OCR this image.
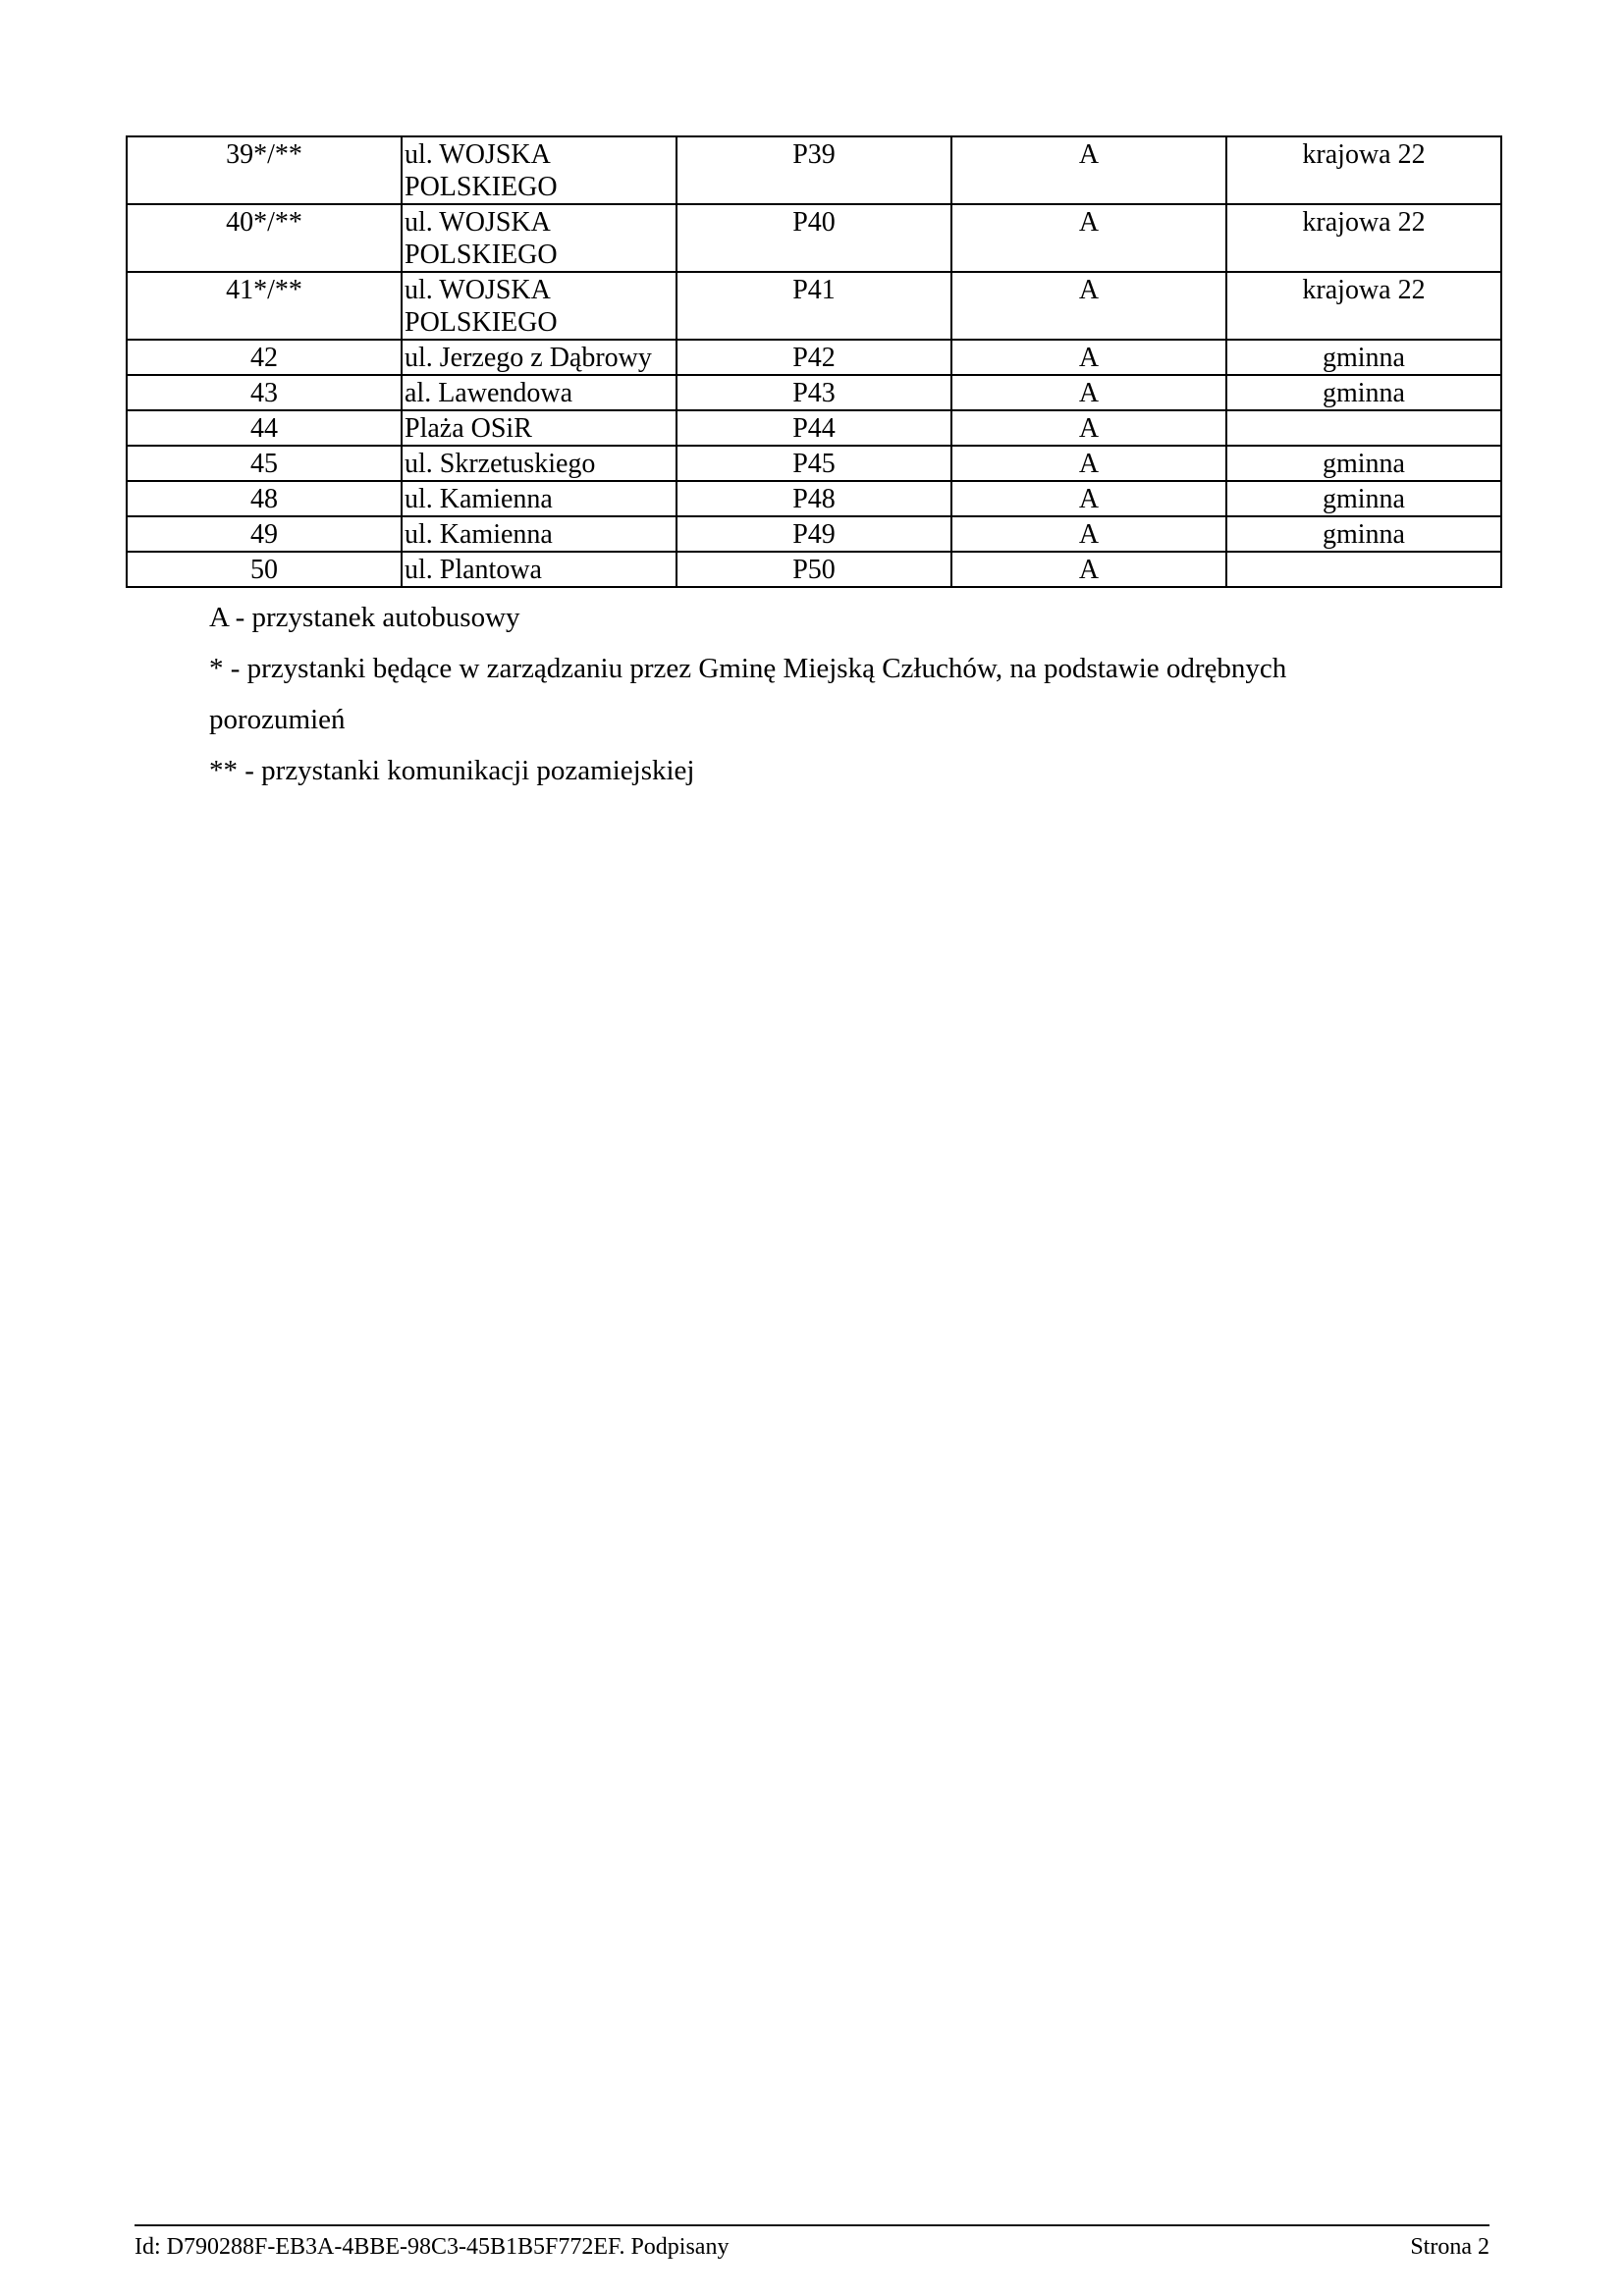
39*/**	ul. WOJSKA POLSKIEGO	P39	A	krajowa 22
40*/**	ul. WOJSKA POLSKIEGO	P40	A	krajowa 22
41*/**	ul. WOJSKA POLSKIEGO	P41	A	krajowa 22
42	ul. Jerzego z Dąbrowy	P42	A	gminna
43	al. Lawendowa	P43	A	gminna
44	Plaża OSiR	P44	A	
45	ul. Skrzetuskiego	P45	A	gminna
48	ul. Kamienna	P48	A	gminna
49	ul. Kamienna	P49	A	gminna
50	ul. Plantowa	P50	A	
A - przystanek autobusowy
* - przystanki będące w zarządzaniu przez Gminę Miejską Człuchów, na podstawie odrębnych
porozumień
** - przystanki komunikacji pozamiejskiej
Id: D790288F-EB3A-4BBE-98C3-45B1B5F772EF. Podpisany	Strona 2
